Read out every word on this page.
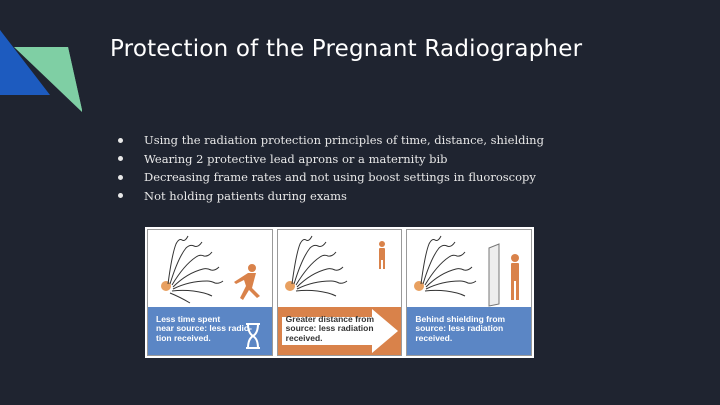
Protection of the Pregnant Radiographer
Using the radiation protection principles of time, distance, shielding
Wearing 2 protective lead aprons or a maternity bib
Decreasing frame rates and not using boost settings in fluoroscopy
Not holding patients during exams
Less time spent
near source: less radio-
tion received.
Greater distance from
source: less radiation
received.
Behind shielding from
source: less radiation
received.
